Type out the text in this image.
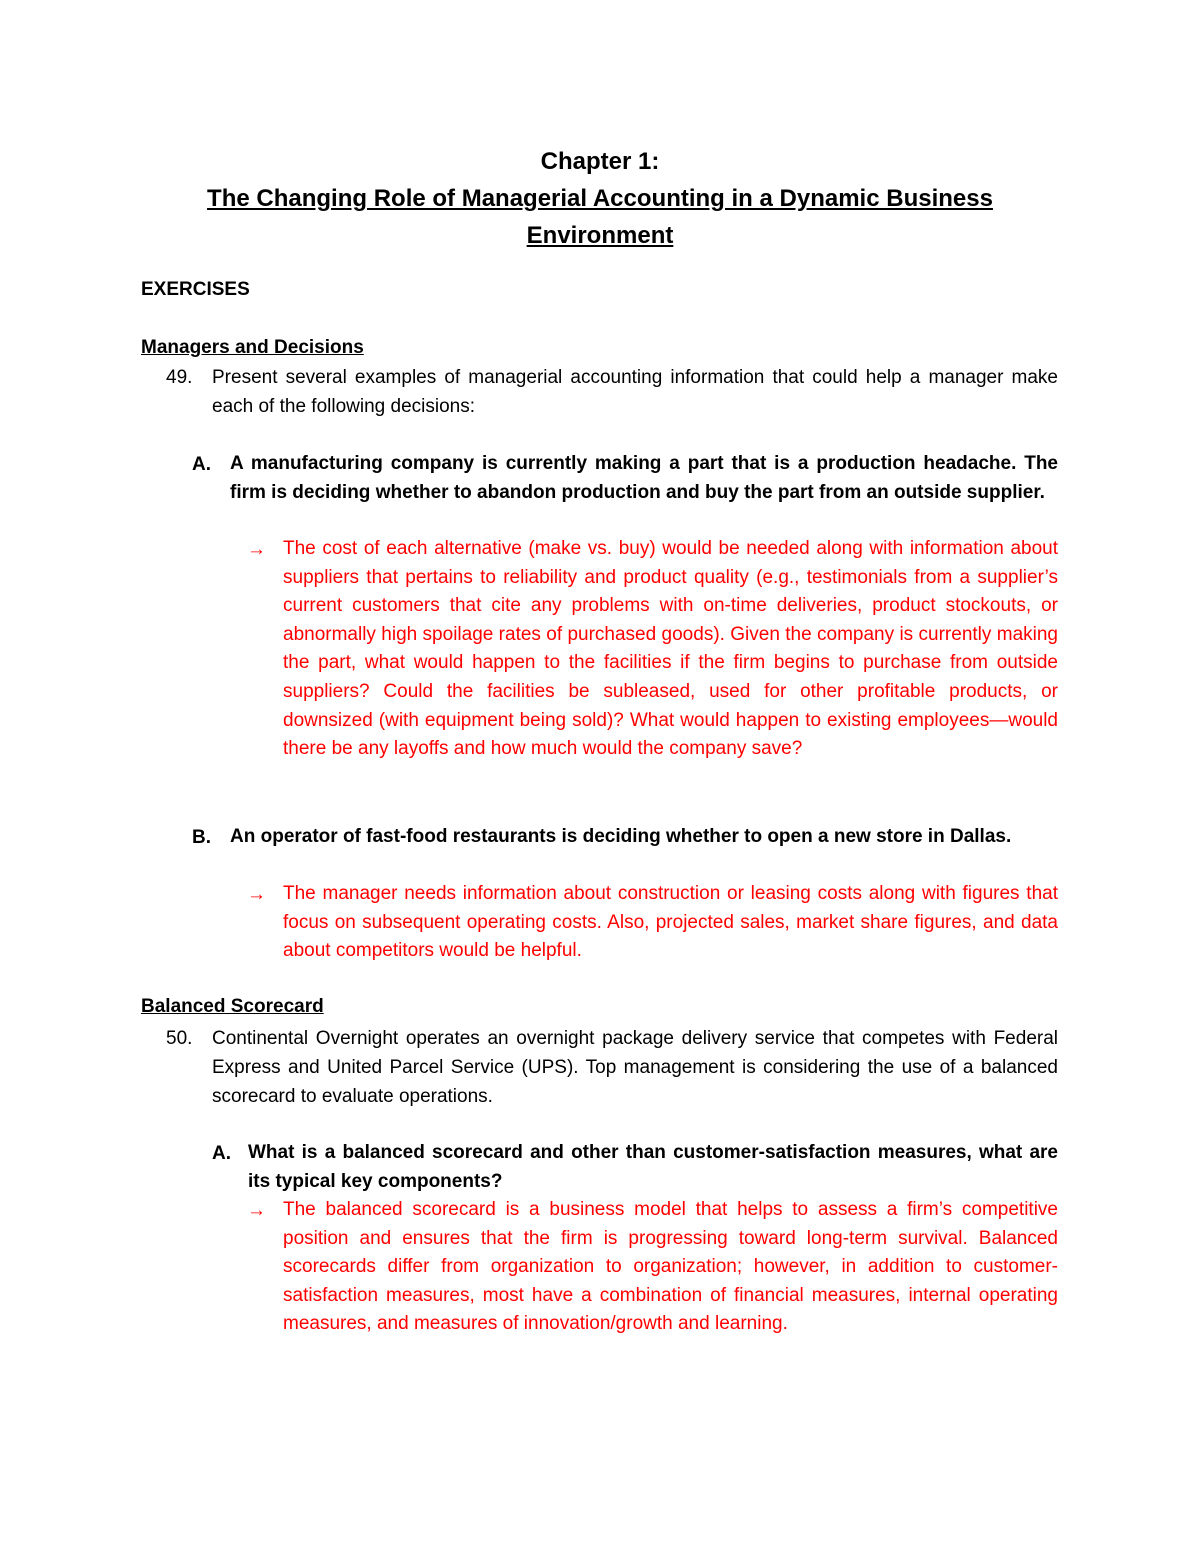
Chapter 1:
The Changing Role of Managerial Accounting in a Dynamic Business Environment
EXERCISES
Managers and Decisions
49. Present several examples of managerial accounting information that could help a manager make each of the following decisions:
A. A manufacturing company is currently making a part that is a production headache. The firm is deciding whether to abandon production and buy the part from an outside supplier.
→ The cost of each alternative (make vs. buy) would be needed along with information about suppliers that pertains to reliability and product quality (e.g., testimonials from a supplier’s current customers that cite any problems with on-time deliveries, product stockouts, or abnormally high spoilage rates of purchased goods). Given the company is currently making the part, what would happen to the facilities if the firm begins to purchase from outside suppliers? Could the facilities be subleased, used for other profitable products, or downsized (with equipment being sold)? What would happen to existing employees—would there be any layoffs and how much would the company save?
B. An operator of fast-food restaurants is deciding whether to open a new store in Dallas.
→ The manager needs information about construction or leasing costs along with figures that focus on subsequent operating costs. Also, projected sales, market share figures, and data about competitors would be helpful.
Balanced Scorecard
50. Continental Overnight operates an overnight package delivery service that competes with Federal Express and United Parcel Service (UPS). Top management is considering the use of a balanced scorecard to evaluate operations.
A. What is a balanced scorecard and other than customer-satisfaction measures, what are its typical key components?
→ The balanced scorecard is a business model that helps to assess a firm’s competitive position and ensures that the firm is progressing toward long-term survival. Balanced scorecards differ from organization to organization; however, in addition to customer-satisfaction measures, most have a combination of financial measures, internal operating measures, and measures of innovation/growth and learning.
